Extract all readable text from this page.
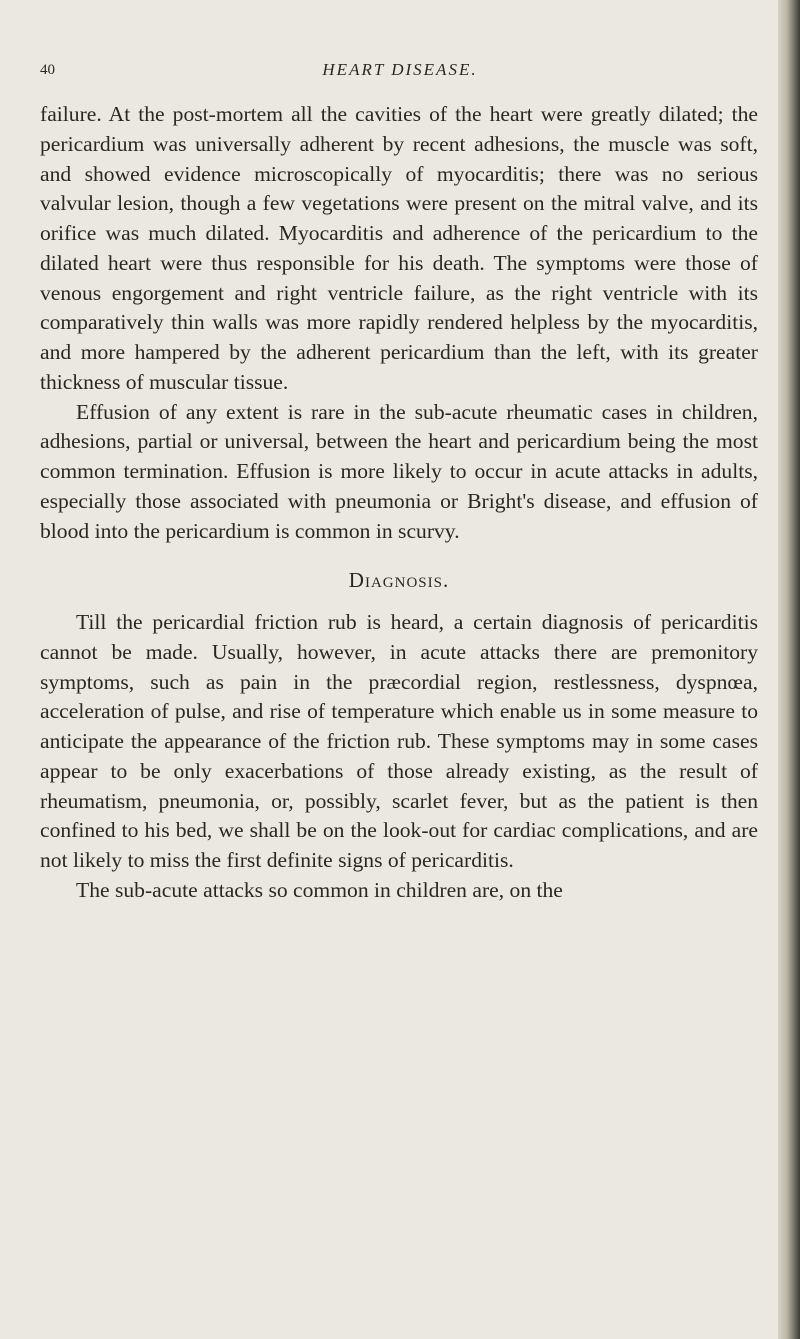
40	HEART DISEASE.

failure. At the post-mortem all the cavities of the heart were greatly dilated; the pericardium was universally adherent by recent adhesions, the muscle was soft, and showed evidence microscopically of myocarditis; there was no serious valvular lesion, though a few vegetations were present on the mitral valve, and its orifice was much dilated. Myocarditis and adherence of the pericardium to the dilated heart were thus responsible for his death. The symptoms were those of venous engorgement and right ventricle failure, as the right ventricle with its comparatively thin walls was more rapidly rendered helpless by the myocarditis, and more hampered by the adherent pericardium than the left, with its greater thickness of muscular tissue.

Effusion of any extent is rare in the sub-acute rheumatic cases in children, adhesions, partial or universal, between the heart and pericardium being the most common termination. Effusion is more likely to occur in acute attacks in adults, especially those associated with pneumonia or Bright's disease, and effusion of blood into the pericardium is common in scurvy.

Diagnosis.

Till the pericardial friction rub is heard, a certain diagnosis of pericarditis cannot be made. Usually, however, in acute attacks there are premonitory symptoms, such as pain in the præcordial region, restlessness, dyspnœa, acceleration of pulse, and rise of temperature which enable us in some measure to anticipate the appearance of the friction rub. These symptoms may in some cases appear to be only exacerbations of those already existing, as the result of rheumatism, pneumonia, or, possibly, scarlet fever, but as the patient is then confined to his bed, we shall be on the look-out for cardiac complications, and are not likely to miss the first definite signs of pericarditis.

The sub-acute attacks so common in children are, on the
